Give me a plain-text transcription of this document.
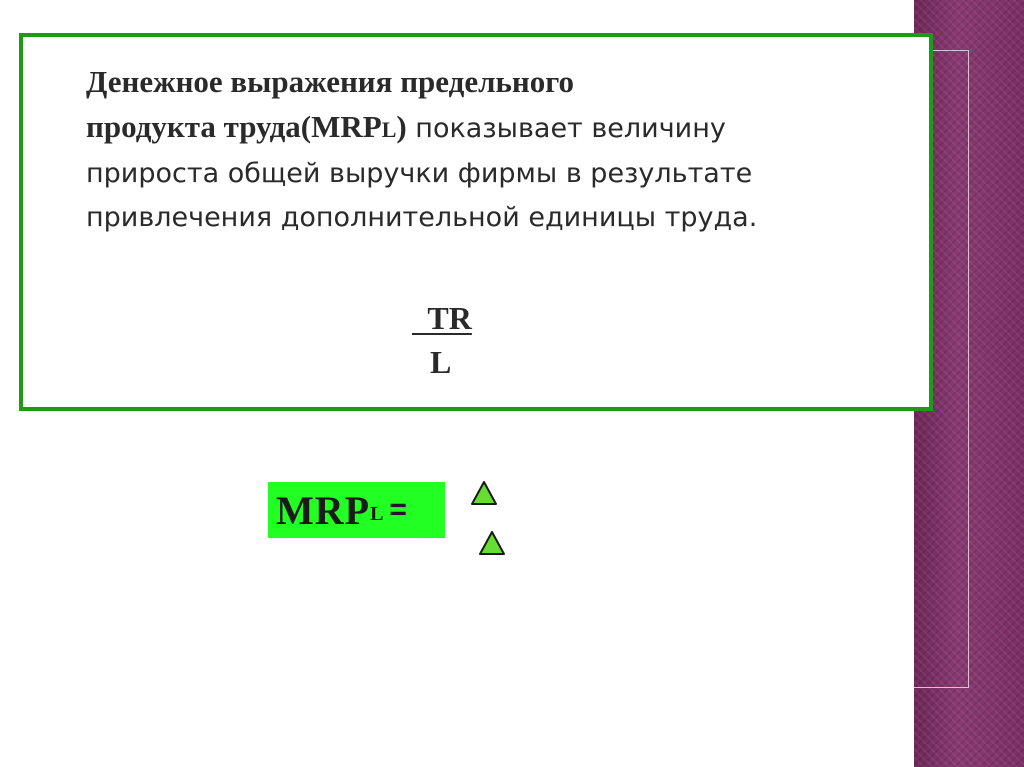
Денежное выражения предельного
продукта труда(MRPL) показывает величину
прироста общей выручки фирмы в результате
привлечения дополнительной единицы труда.

TR
L
MRP L =
